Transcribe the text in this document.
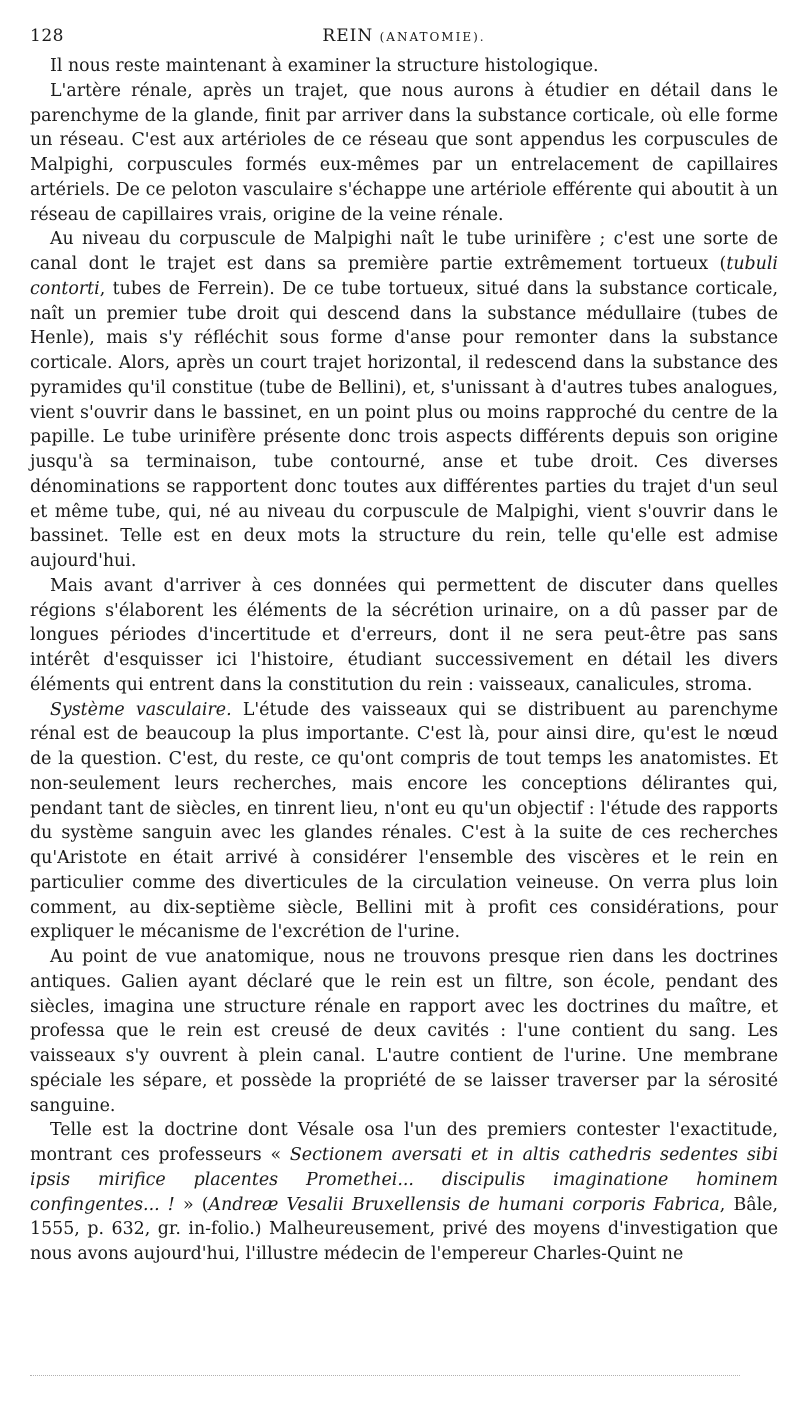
128	REIN (ANATOMIE).

Il nous reste maintenant à examiner la structure histologique.

L'artère rénale, après un trajet, que nous aurons à étudier en détail dans le parenchyme de la glande, finit par arriver dans la substance corticale, où elle forme un réseau. C'est aux artérioles de ce réseau que sont appendus les corpuscules de Malpighi, corpuscules formés eux-mêmes par un entrelacement de capillaires artériels. De ce peloton vasculaire s'échappe une artériole efférente qui aboutit à un réseau de capillaires vrais, origine de la veine rénale.

Au niveau du corpuscule de Malpighi naît le tube urinifère ; c'est une sorte de canal dont le trajet est dans sa première partie extrêmement tortueux (tubuli contorti, tubes de Ferrein). De ce tube tortueux, situé dans la substance corticale, naît un premier tube droit qui descend dans la substance médullaire (tubes de Henle), mais s'y réfléchit sous forme d'anse pour remonter dans la substance corticale. Alors, après un court trajet horizontal, il redescend dans la substance des pyramides qu'il constitue (tube de Bellini), et, s'unissant à d'autres tubes analogues, vient s'ouvrir dans le bassinet, en un point plus ou moins rapproché du centre de la papille. Le tube urinifère présente donc trois aspects différents depuis son origine jusqu'à sa terminaison, tube contourné, anse et tube droit. Ces diverses dénominations se rapportent donc toutes aux différentes parties du trajet d'un seul et même tube, qui, né au niveau du corpuscule de Malpighi, vient s'ouvrir dans le bassinet. Telle est en deux mots la structure du rein, telle qu'elle est admise aujourd'hui.

Mais avant d'arriver à ces données qui permettent de discuter dans quelles régions s'élaborent les éléments de la sécrétion urinaire, on a dû passer par de longues périodes d'incertitude et d'erreurs, dont il ne sera peut-être pas sans intérêt d'esquisser ici l'histoire, étudiant successivement en détail les divers éléments qui entrent dans la constitution du rein : vaisseaux, canalicules, stroma.

Système vasculaire. L'étude des vaisseaux qui se distribuent au parenchyme rénal est de beaucoup la plus importante. C'est là, pour ainsi dire, qu'est le nœud de la question. C'est, du reste, ce qu'ont compris de tout temps les anatomistes. Et non-seulement leurs recherches, mais encore les conceptions délirantes qui, pendant tant de siècles, en tinrent lieu, n'ont eu qu'un objectif : l'étude des rapports du système sanguin avec les glandes rénales. C'est à la suite de ces recherches qu'Aristote en était arrivé à considérer l'ensemble des viscères et le rein en particulier comme des diverticules de la circulation veineuse. On verra plus loin comment, au dix-septième siècle, Bellini mit à profit ces considérations, pour expliquer le mécanisme de l'excrétion de l'urine.

Au point de vue anatomique, nous ne trouvons presque rien dans les doctrines antiques. Galien ayant déclaré que le rein est un filtre, son école, pendant des siècles, imagina une structure rénale en rapport avec les doctrines du maître, et professa que le rein est creusé de deux cavités : l'une contient du sang. Les vaisseaux s'y ouvrent à plein canal. L'autre contient de l'urine. Une membrane spéciale les sépare, et possède la propriété de se laisser traverser par la sérosité sanguine.

Telle est la doctrine dont Vésale osa l'un des premiers contester l'exactitude, montrant ces professeurs « Sectionem aversati et in altis cathedris sedentes sibi ipsis mirifice placentes Promethei... discipulis imaginatione hominem confingentes... ! » (Andreæ Vesalii Bruxellensis de humani corporis Fabrica, Bâle, 1555, p. 632, gr. in-folio.) Malheureusement, privé des moyens d'investigation que nous avons aujourd'hui, l'illustre médecin de l'empereur Charles-Quint ne
